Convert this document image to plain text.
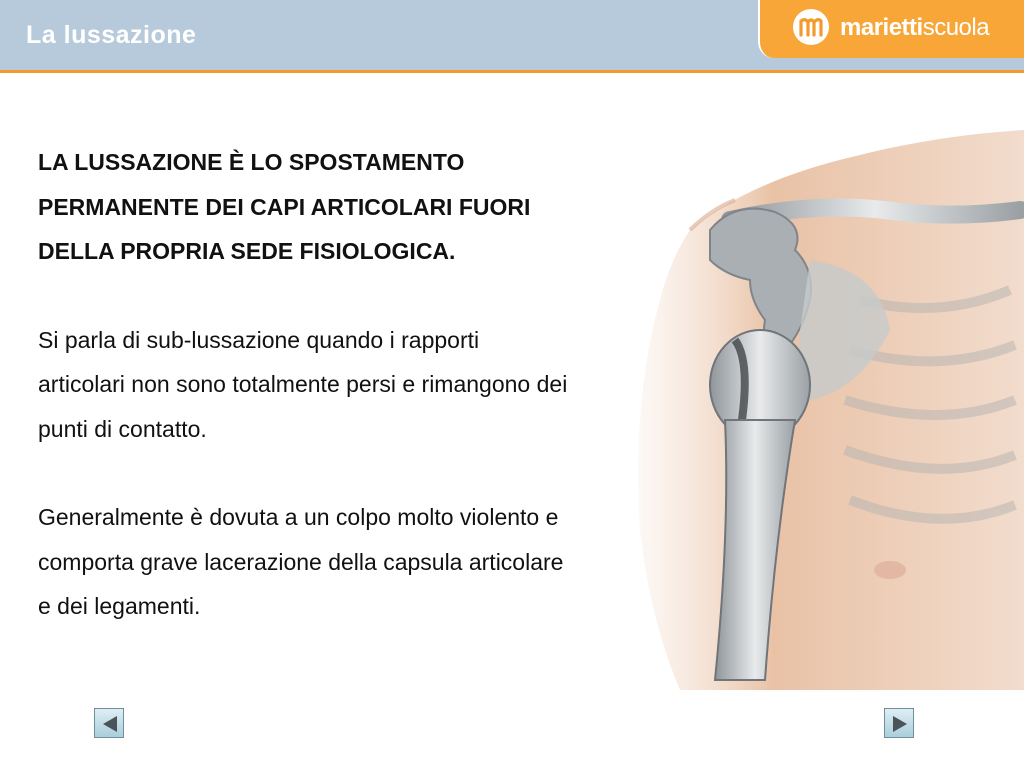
La lussazione	mariettiscuola

LA LUSSAZIONE È LO SPOSTAMENTO PERMANENTE DEI CAPI ARTICOLARI FUORI DELLA PROPRIA SEDE FISIOLOGICA.

Si parla di sub-lussazione quando i rapporti articolari non sono totalmente persi e rimangono dei punti di contatto.

Generalmente è dovuta a un colpo molto violento e comporta grave lacerazione della capsula articolare e dei legamenti.
